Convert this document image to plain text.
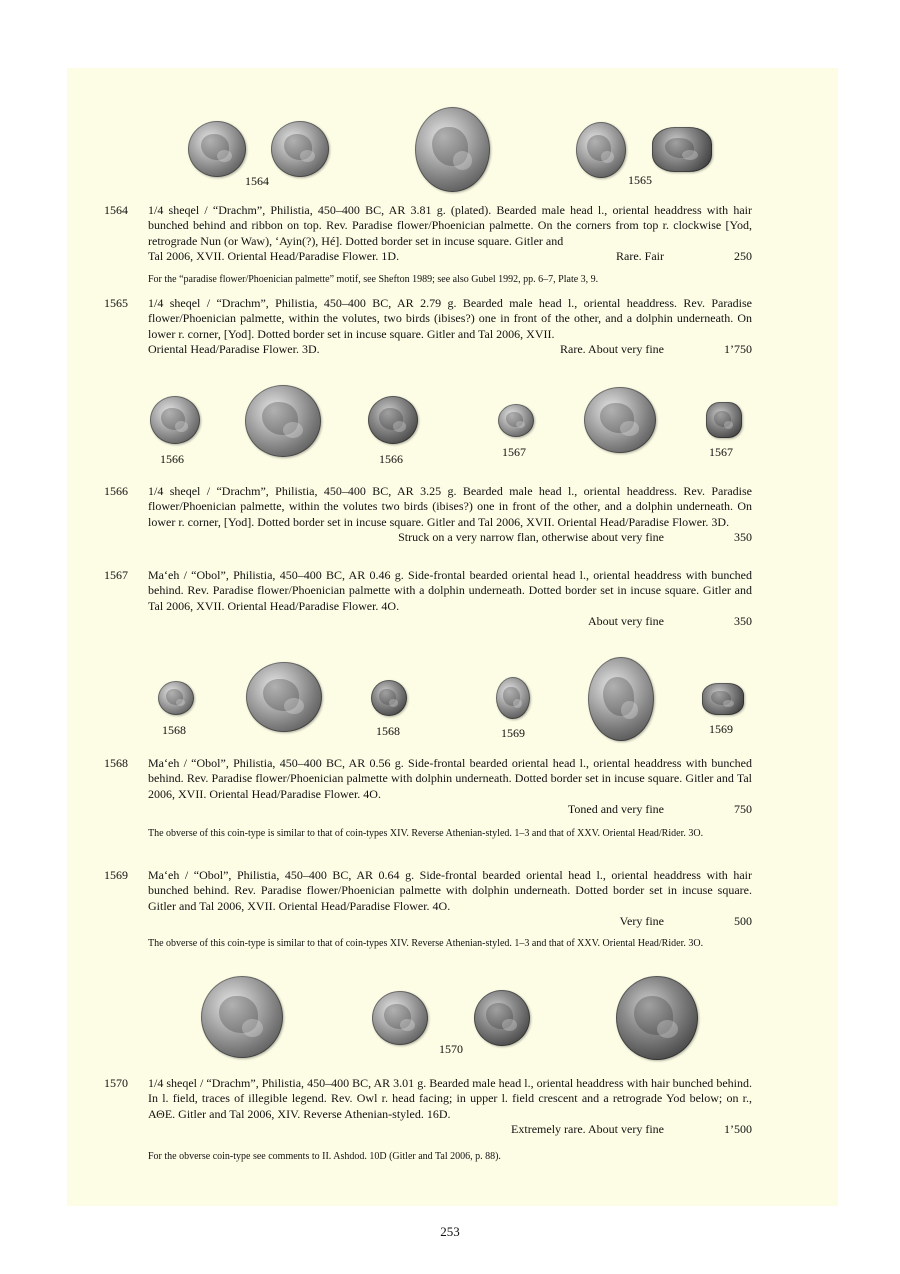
1564	1565
1564	1/4 sheqel / “Drachm”, Philistia, 450–400 BC, AR 3.81 g. (plated). Bearded male head l., oriental headdress with hair bunched behind and ribbon on top. Rev. Paradise flower/Phoenician palmette. On the corners from top r. clockwise [Yod, retrograde Nun (or Waw), ‘Ayin(?), Hé]. Dotted border set in incuse square. Gitler and
Tal 2006, XVII. Oriental Head/Paradise Flower. 1D.	Rare. Fair	250
For the “paradise flower/Phoenician palmette” motif, see Shefton 1989; see also Gubel 1992, pp. 6–7, Plate 3, 9.
1565	1/4 sheqel / “Drachm”, Philistia, 450–400 BC, AR 2.79 g. Bearded male head l., oriental headdress. Rev. Paradise flower/Phoenician palmette, within the volutes, two birds (ibises?) one in front of the other, and a dolphin underneath. On lower r. corner, [Yod]. Dotted border set in incuse square. Gitler and Tal 2006, XVII.
Oriental Head/Paradise Flower. 3D.	Rare. About very fine	1’750
1566	1566	1567	1567
1566	1/4 sheqel / “Drachm”, Philistia, 450–400 BC, AR 3.25 g. Bearded male head l., oriental headdress. Rev. Paradise flower/Phoenician palmette, within the volutes two birds (ibises?) one in front of the other, and a dolphin underneath. On lower r. corner, [Yod]. Dotted border set in incuse square. Gitler and Tal 2006, XVII. Oriental Head/Paradise Flower. 3D.
Struck on a very narrow flan, otherwise about very fine	350
1567	Ma‘eh / “Obol”, Philistia, 450–400 BC, AR 0.46 g. Side-frontal bearded oriental head l., oriental headdress with bunched behind. Rev. Paradise flower/Phoenician palmette with a dolphin underneath. Dotted border set in incuse square. Gitler and Tal 2006, XVII. Oriental Head/Paradise Flower. 4O.
About very fine	350
1568	1568	1569	1569
1568	Ma‘eh / “Obol”, Philistia, 450–400 BC, AR 0.56 g. Side-frontal bearded oriental head l., oriental headdress with bunched behind. Rev. Paradise flower/Phoenician palmette with dolphin underneath. Dotted border set in incuse square. Gitler and Tal 2006, XVII. Oriental Head/Paradise Flower. 4O.
Toned and very fine	750
The obverse of this coin-type is similar to that of coin-types XIV. Reverse Athenian-styled. 1–3 and that of XXV. Oriental Head/Rider. 3O.
1569	Ma‘eh / “Obol”, Philistia, 450–400 BC, AR 0.64 g. Side-frontal bearded oriental head l., oriental headdress with hair bunched behind. Rev. Paradise flower/Phoenician palmette with dolphin underneath. Dotted border set in incuse square. Gitler and Tal 2006, XVII. Oriental Head/Paradise Flower. 4O.
Very fine	500
The obverse of this coin-type is similar to that of coin-types XIV. Reverse Athenian-styled. 1–3 and that of XXV. Oriental Head/Rider. 3O.
1570
1570	1/4 sheqel / “Drachm”, Philistia, 450–400 BC, AR 3.01 g. Bearded male head l., oriental headdress with hair bunched behind. In l. field, traces of illegible legend. Rev. Owl r. head facing; in upper l. field crescent and a retrograde Yod below; on r., ΑΘΕ. Gitler and Tal 2006, XIV. Reverse Athenian-styled. 16D.
Extremely rare. About very fine	1’500
For the obverse coin-type see comments to II. Ashdod. 10D (Gitler and Tal 2006, p. 88).
253
